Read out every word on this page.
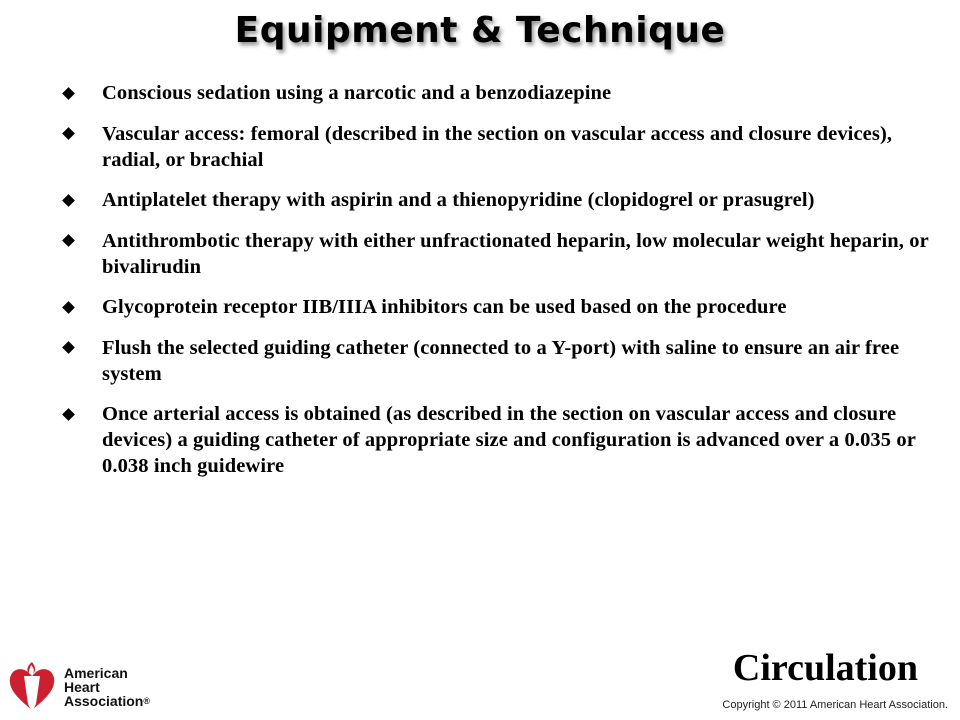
Equipment & Technique
Conscious sedation using a narcotic and a benzodiazepine
Vascular access: femoral (described in the section on vascular access and closure devices), radial, or brachial
Antiplatelet therapy with aspirin and a thienopyridine (clopidogrel or prasugrel)
Antithrombotic therapy with either unfractionated heparin, low molecular weight heparin, or bivalirudin
Glycoprotein receptor IIB/IIIA inhibitors can be used based on the procedure
Flush the selected guiding catheter (connected to a Y-port) with saline to ensure an air free system
Once arterial access is obtained (as described in the section on vascular access and closure devices) a guiding catheter of appropriate size and configuration is advanced over a 0.035 or 0.038 inch guidewire
American
Heart
Association®
Circulation
Copyright © 2011 American Heart Association.
